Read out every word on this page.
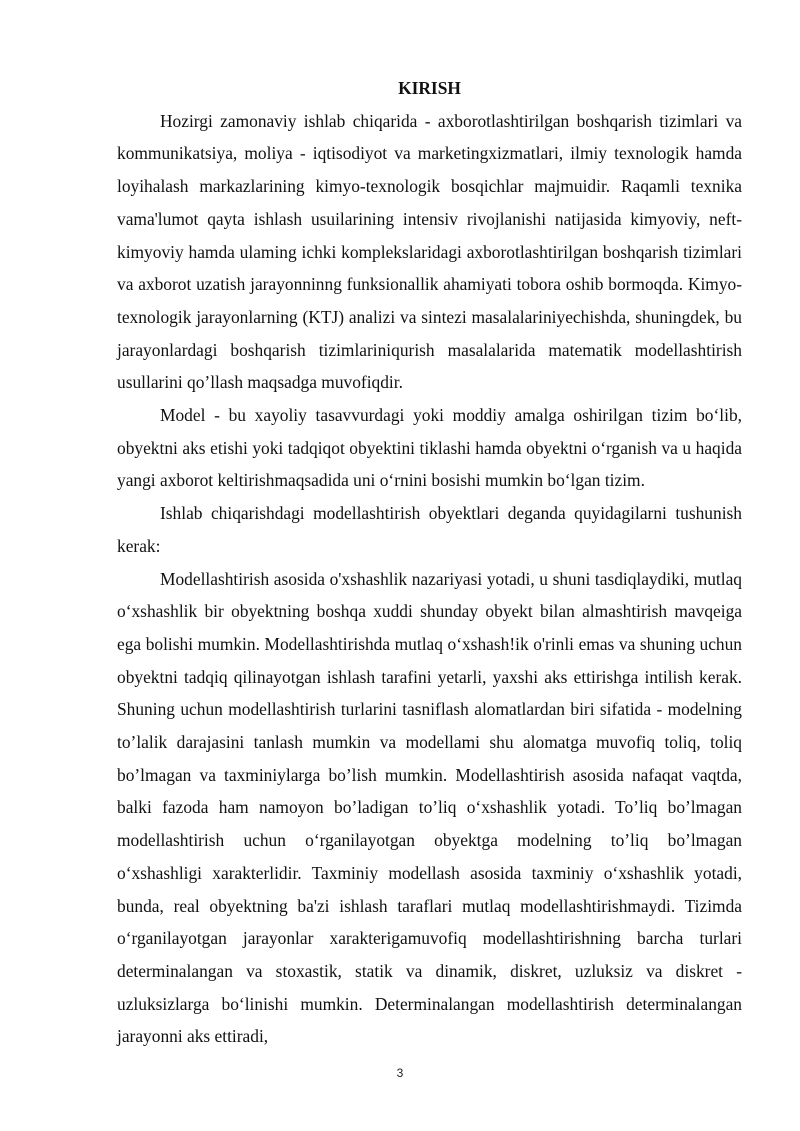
KIRISH

Hozirgi zamonaviy ishlab chiqarida - axborotlashtirilgan boshqarish tizimlari va kommunikatsiya, moliya - iqtisodiyot va marketingxizmatlari, ilmiy texnologik hamda loyihalash markazlarining kimyo-texnologik bosqichlar majmuidir. Raqamli texnika vama'lumot qayta ishlash usuilarining intensiv rivojlanishi natijasida kimyoviy, neft-kimyoviy hamda ulaming ichki komplekslaridagi axborotlashtirilgan boshqarish tizimlari va axborot uzatish jarayonninng funksionallik ahamiyati tobora oshib bormoqda. Kimyo-texnologik jarayonlarning (KTJ) analizi va sintezi masalalariniyechishda, shuningdek, bu jarayonlardagi boshqarish tizimlariniqurish masalalarida matematik modellashtirish usullarini qo’llash maqsadga muvofiqdir.

Model - bu xayoliy tasavvurdagi yoki moddiy amalga oshirilgan tizim bo‘lib, obyektni aks etishi yoki tadqiqot obyektini tiklashi hamda obyektni o‘rganish va u haqida yangi axborot keltirishmaqsadida uni o‘rnini bosishi mumkin bo‘lgan tizim.

Ishlab chiqarishdagi modellashtirish obyektlari deganda quyidagilarni tushunish kerak:

Modellashtirish asosida o'xshashlik nazariyasi yotadi, u shuni tasdiqlaydiki, mutlaq o‘xshashlik bir obyektning boshqa xuddi shunday obyekt bilan almashtirish mavqeiga ega bolishi mumkin. Modellashtirishda mutlaq o‘xshash!ik o'rinli emas va shuning uchun obyektni tadqiq qilinayotgan ishlash tarafini yetarli, yaxshi aks ettirishga intilish kerak. Shuning uchun modellashtirish turlarini tasniflash alomatlardan biri sifatida - modelning to’lalik darajasini tanlash mumkin va modellami shu alomatga muvofiq toliq, toliq bo’lmagan va taxminiylarga bo’lish mumkin. Modellashtirish asosida nafaqat vaqtda, balki fazoda ham namoyon bo’ladigan to’liq o‘xshashlik yotadi. To’liq bo’lmagan modellashtirish uchun o‘rganilayotgan obyektga modelning to’liq bo’lmagan o‘xshashligi xarakterlidir. Taxminiy modellash asosida taxminiy o‘xshashlik yotadi, bunda, real obyektning ba'zi ishlash taraflari mutlaq modellashtirishmaydi. Tizimda o‘rganilayotgan jarayonlar xarakterigamuvofiq modellashtirishning barcha turlari determinalangan va stoxastik, statik va dinamik, diskret, uzluksiz va diskret -uzluksizlarga bo‘linishi mumkin. Determinalangan modellashtirish determinalangan jarayonni aks ettiradi,

3
